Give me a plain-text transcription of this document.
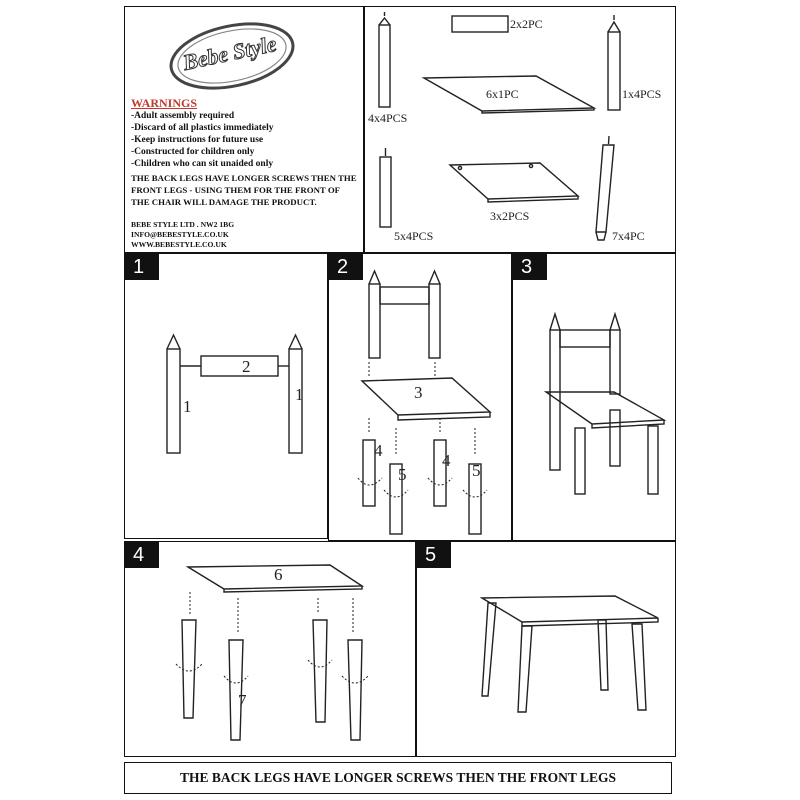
Bebe Style
WARNINGS
-Adult assembly required
-Discard of all plastics immediately
-Keep instructions for future use
-Constructed for children only
-Children who can sit unaided only

THE BACK LEGS HAVE LONGER SCREWS THEN THE FRONT LEGS - USING THEM FOR THE FRONT OF THE CHAIR WILL DAMAGE THE PRODUCT.

BEBE STYLE LTD . NW2 1BG
INFO@BEBESTYLE.CO.UK
WWW.BEBESTYLE.CO.UK
2x2PC
4x4PCS
6x1PC	1x4PCS
5x4PCS
3x2PCS
7x4PC
1
2
1
1
2
3
4
5
4
5
3
4
6
7
5
THE BACK LEGS HAVE LONGER SCREWS THEN THE FRONT LEGS
